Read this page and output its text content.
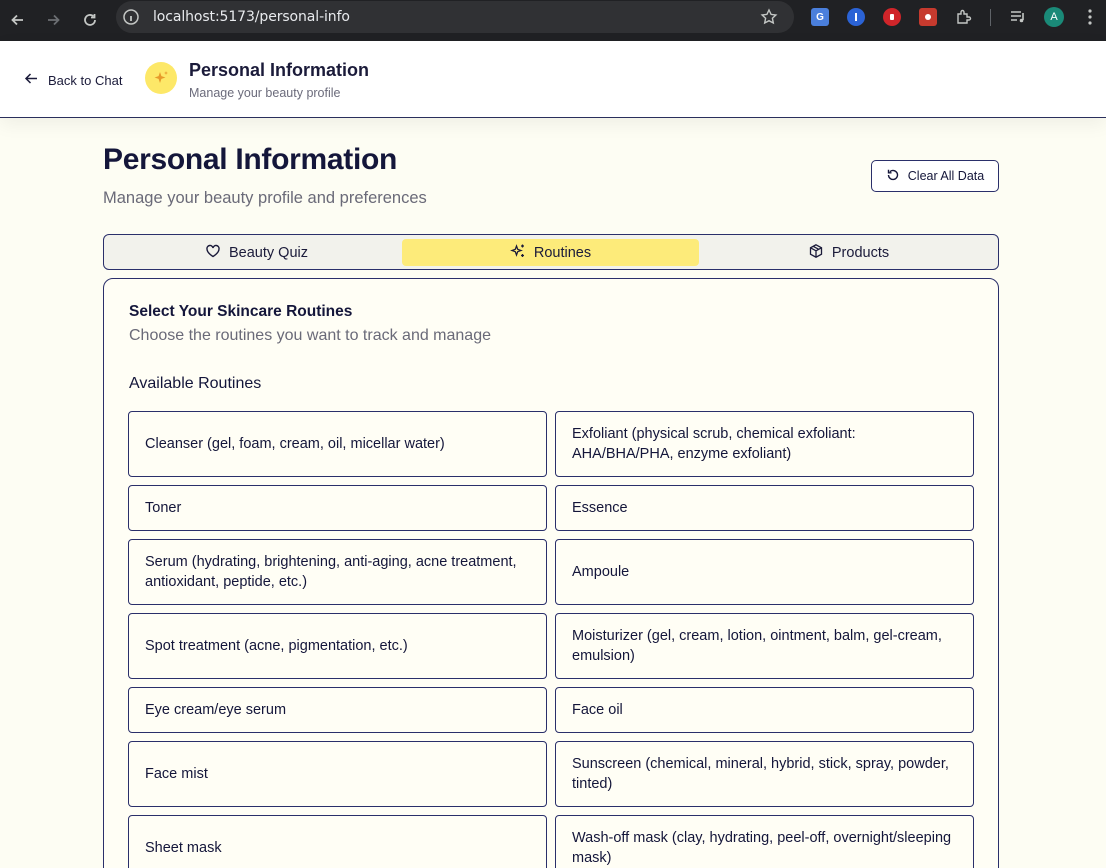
localhost:5173/personal-info	G	A
Back to Chat	Personal Information
Manage your beauty profile
Personal Information

Manage your beauty profile and preferences

Clear All Data
Beauty Quiz	Routines	Products
Select Your Skincare Routines
Choose the routines you want to track and manage
Available Routines
Cleanser (gel, foam, cream, oil, micellar water)
Exfoliant (physical scrub, chemical exfoliant: AHA/BHA/PHA, enzyme exfoliant)
Toner	Essence
Serum (hydrating, brightening, anti-aging, acne treatment, antioxidant, peptide, etc.)
Ampoule
Spot treatment (acne, pigmentation, etc.)
Moisturizer (gel, cream, lotion, ointment, balm, gel-cream, emulsion)
Eye cream/eye serum	Face oil
Face mist
Sunscreen (chemical, mineral, hybrid, stick, spray, powder, tinted)
Sheet mask
Wash-off mask (clay, hydrating, peel-off, overnight/sleeping mask)
